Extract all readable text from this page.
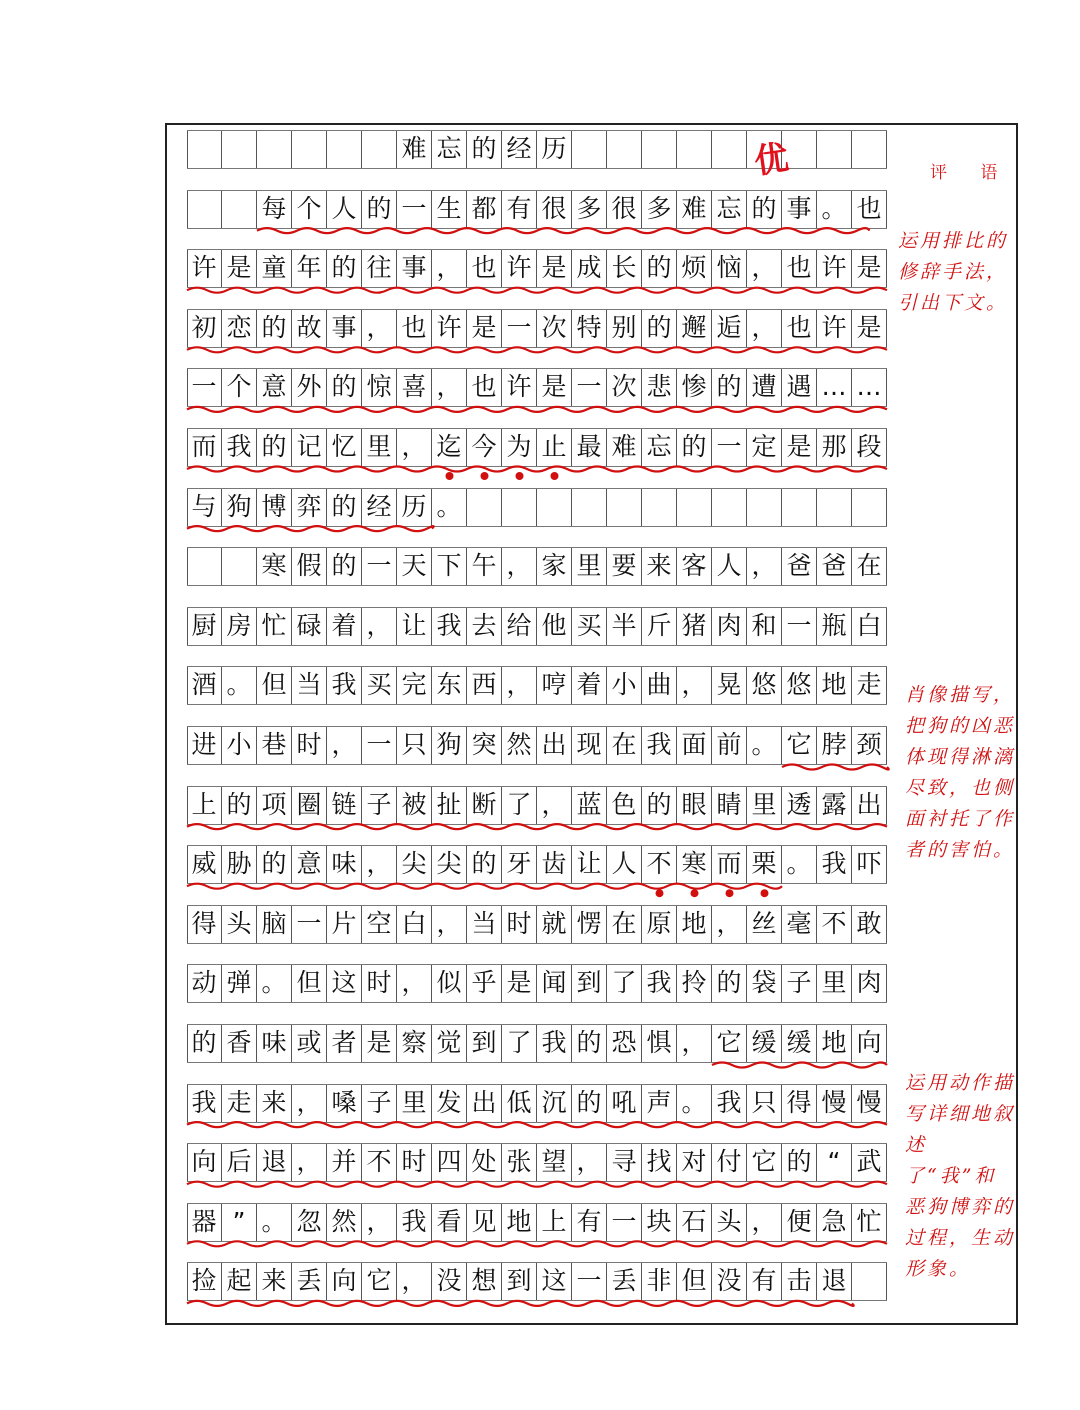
难 忘 的 经 历
每 个 人 的 一 生 都 有 很 多 很 多 难 忘 的 事 。 也
许 是 童 年 的 往 事 ， 也 许 是 成 长 的 烦 恼 ， 也 许 是
初 恋 的 故 事 ， 也 许 是 一 次 特 别 的 邂 逅 ， 也 许 是
一 个 意 外 的 惊 喜 ， 也 许 是 一 次 悲 惨 的 遭 遇 … …
而 我 的 记 忆 里 ， 迄 今 为 止 最 难 忘 的 一 定 是 那 段
与 狗 博 弈 的 经 历 。
寒 假 的 一 天 下 午 ， 家 里 要 来 客 人 ， 爸 爸 在
厨 房 忙 碌 着 ， 让 我 去 给 他 买 半 斤 猪 肉 和 一 瓶 白
酒 。 但 当 我 买 完 东 西 ， 哼 着 小 曲 ， 晃 悠 悠 地 走
进 小 巷 时 ， 一 只 狗 突 然 出 现 在 我 面 前 。 它 脖 颈
上 的 项 圈 链 子 被 扯 断 了 ， 蓝 色 的 眼 睛 里 透 露 出
威 胁 的 意 味 ， 尖 尖 的 牙 齿 让 人 不 寒 而 栗 。 我 吓
得 头 脑 一 片 空 白 ， 当 时 就 愣 在 原 地 ， 丝 毫 不 敢
动 弹 。 但 这 时 ， 似 乎 是 闻 到 了 我 拎 的 袋 子 里 肉
的 香 味 或 者 是 察 觉 到 了 我 的 恐 惧 ， 它 缓 缓 地 向
我 走 来 ， 嗓 子 里 发 出 低 沉 的 吼 声 。 我 只 得 慢 慢
向 后 退 ， 并 不 时 四 处 张 望 ， 寻 找 对 付 它 的 “ 武
器 ” 。 忽 然 ， 我 看 见 地 上 有 一 块 石 头 ， 便 急 忙
捡 起 来 丢 向 它 ， 没 想 到 这 一 丢 非 但 没 有 击 退
优	评 语
运用排比的修辞手法，引出下文。
肖像描写，把狗的凶恶体现得淋漓尽致，也侧面衬托了作者的害怕。
运用动作描写详细地叙述了“我”和恶狗博弈的过程，生动形象。
